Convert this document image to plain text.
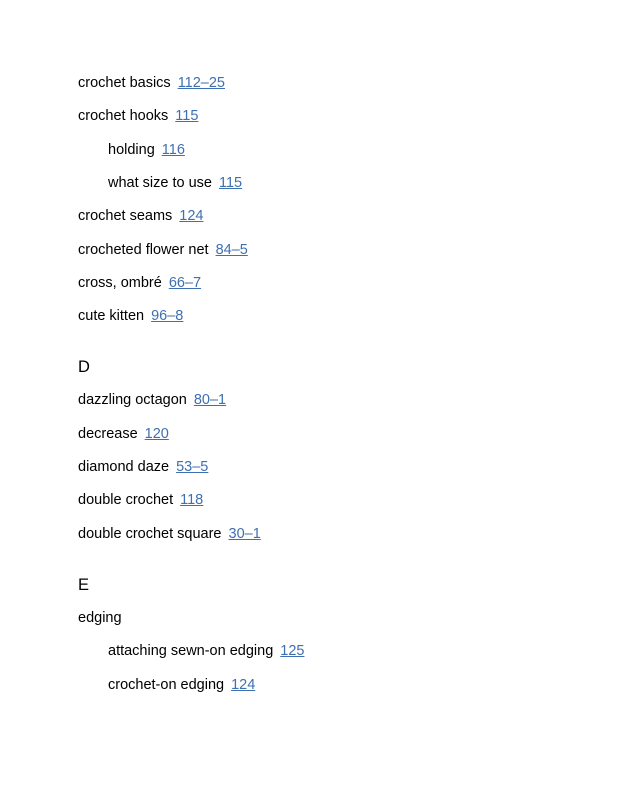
crochet basics 112–25
crochet hooks 115
holding 116
what size to use 115
crochet seams 124
crocheted flower net 84–5
cross, ombré 66–7
cute kitten 96–8
D
dazzling octagon 80–1
decrease 120
diamond daze 53–5
double crochet 118
double crochet square 30–1
E
edging
attaching sewn-on edging 125
crochet-on edging 124
